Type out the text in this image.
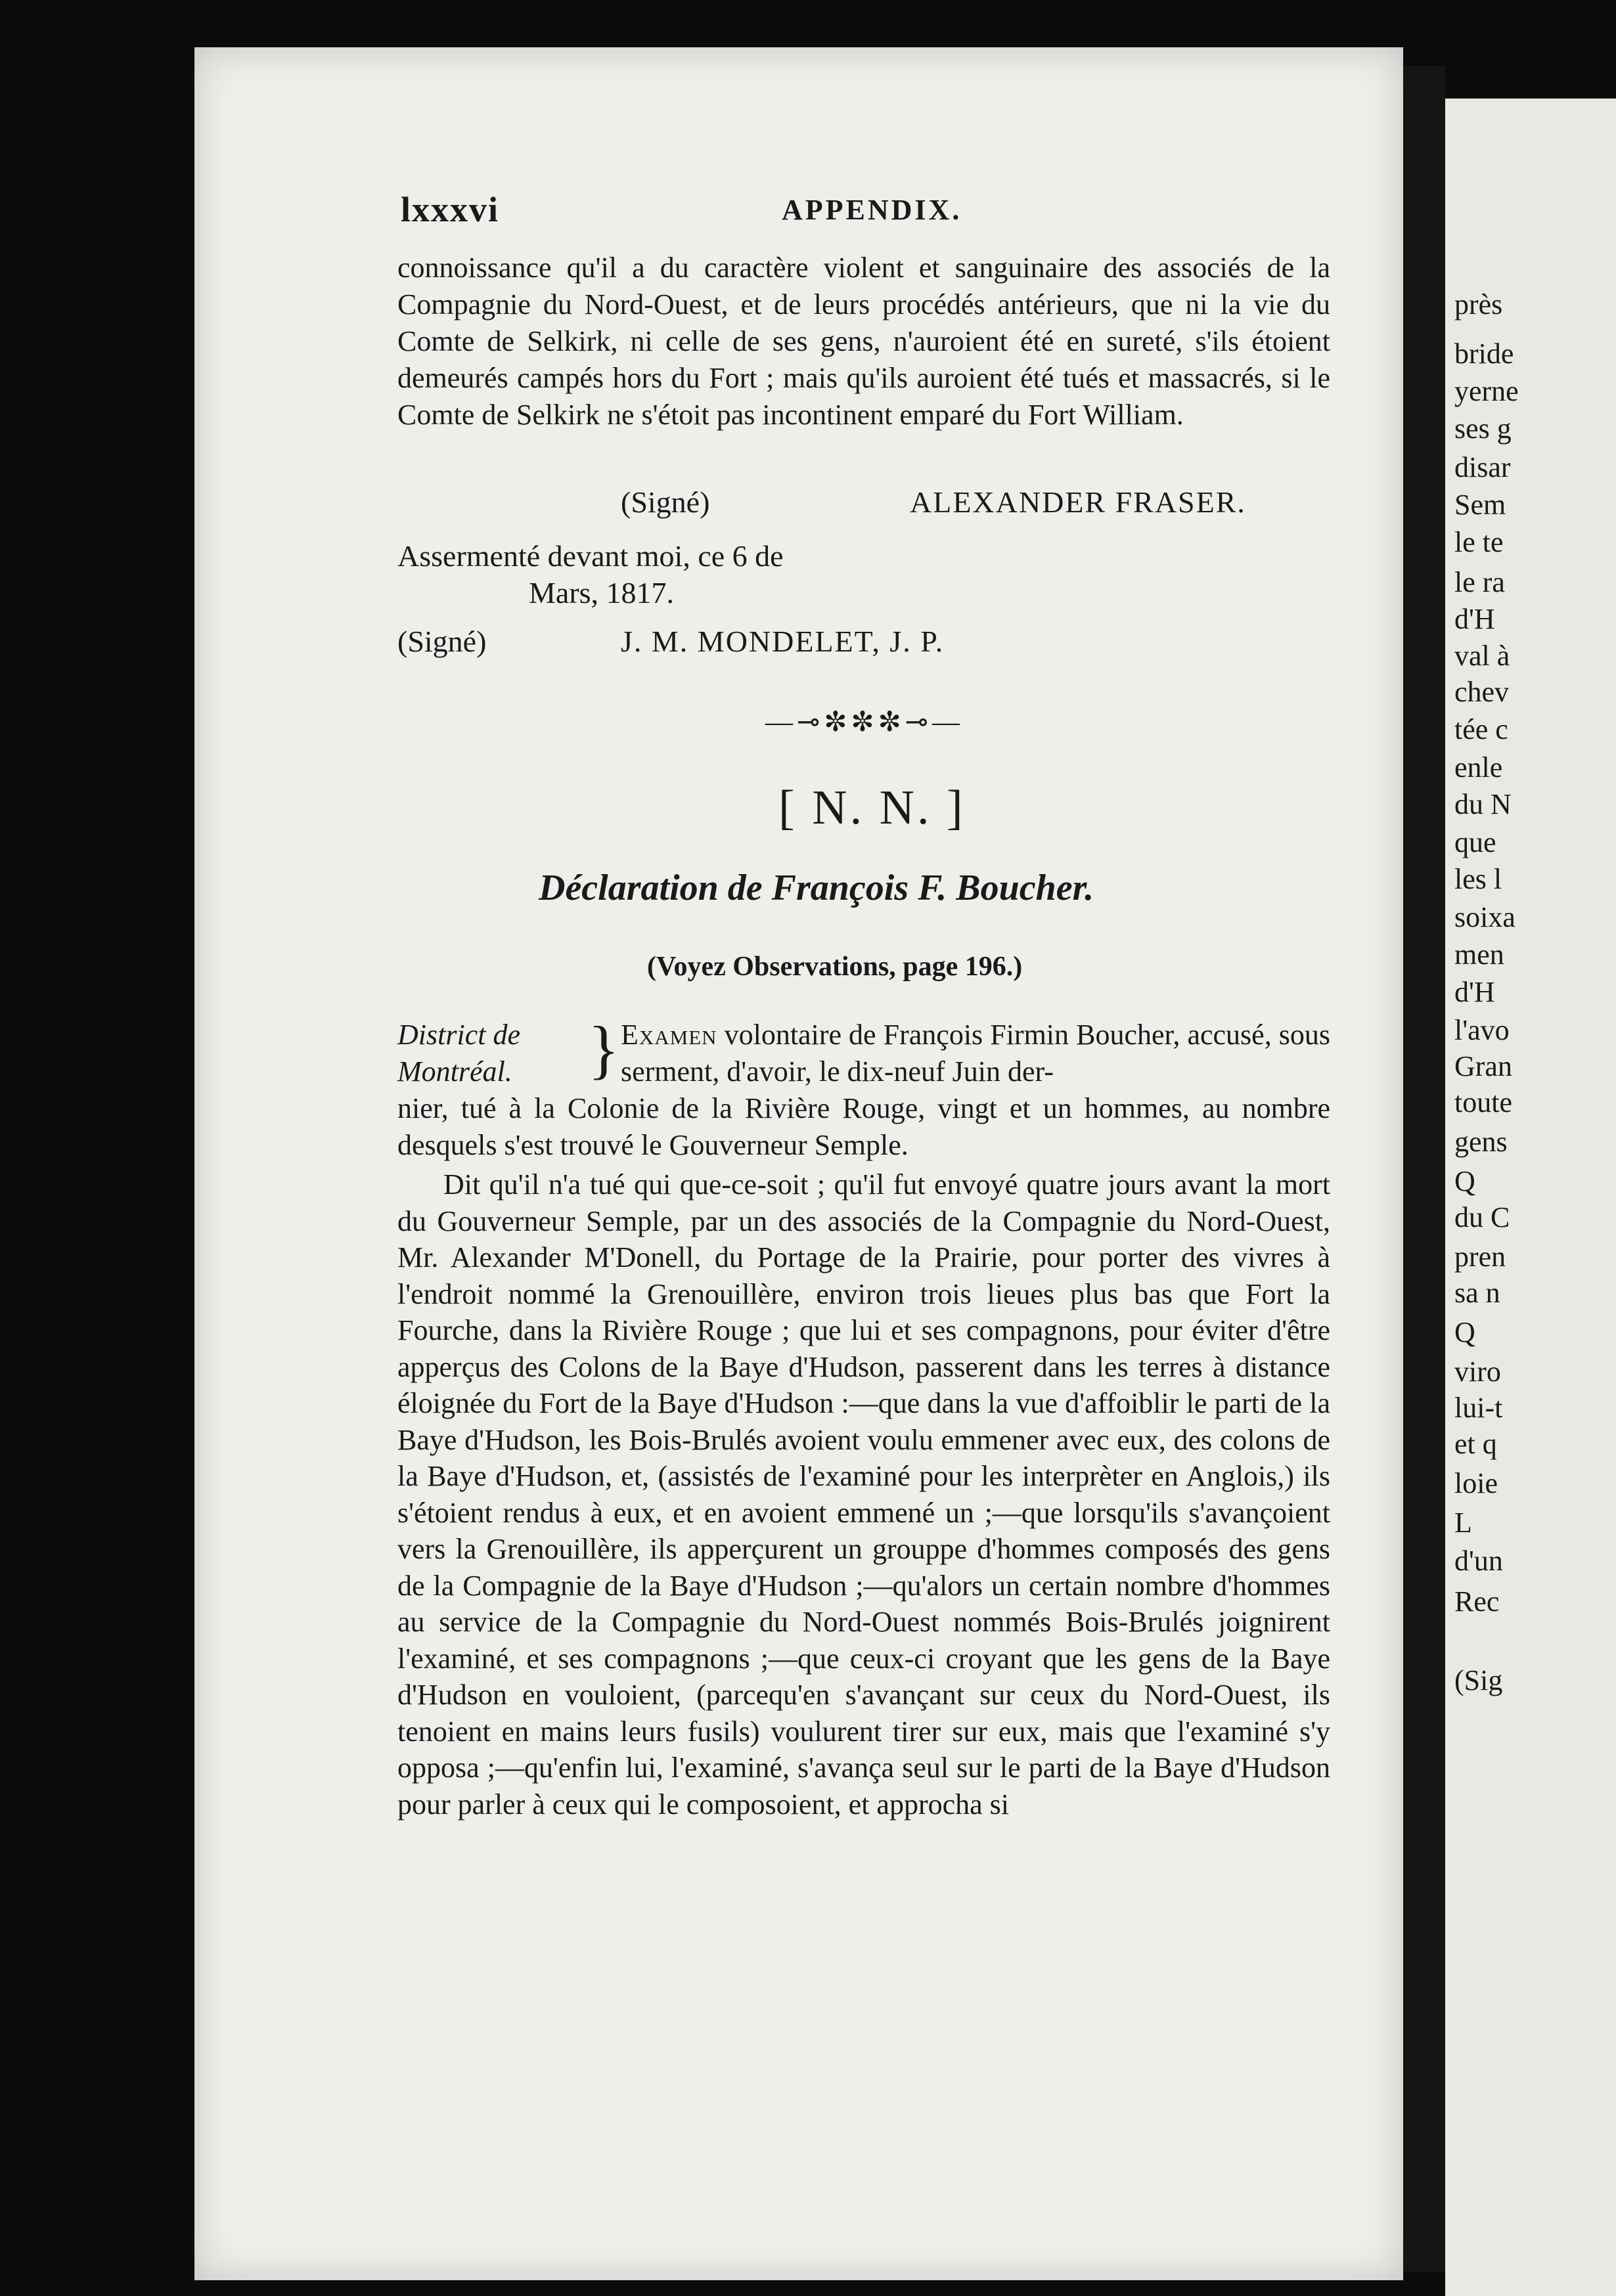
près
bride
yerne
ses g
disar
Sem
le te
le ra
d'H
val à
chev
tée c
enle
du N
que
les l
soixa
men
d'H
l'avo
Gran
toute
gens
Q
du C
pren
sa n
Q
viro
lui-t
et q
loie
L
d'un
Rec
(Sig
lxxxvi	APPENDIX.
connoissance qu'il a du caractère violent et sanguinaire des associés de la Compagnie du Nord-Ouest, et de leurs procédés antérieurs, que ni la vie du Comte de Selkirk, ni celle de ses gens, n'auroient été en sureté, s'ils étoient demeurés campés hors du Fort ; mais qu'ils auroient été tués et massacrés, si le Comte de Selkirk ne s'étoit pas incontinent emparé du Fort William.
(Signé)	ALEXANDER FRASER.
Assermenté devant moi, ce 6 de
Mars, 1817.
(Signé)	J. M. MONDELET, J. P.
—⊸✼✼✼⊸—
[ N. N. ]
Déclaration de François F. Boucher.
(Voyez Observations, page 196.)
District de
Montréal.	} Examen volontaire de François Firmin Boucher, accusé, sous serment, d'avoir, le dix-neuf Juin der-
nier, tué à la Colonie de la Rivière Rouge, vingt et un hommes, au nombre desquels s'est trouvé le Gouverneur Semple.
Dit qu'il n'a tué qui que-ce-soit ; qu'il fut envoyé quatre jours avant la mort du Gouverneur Semple, par un des associés de la Compagnie du Nord-Ouest, Mr. Alexander M'Donell, du Portage de la Prairie, pour porter des vivres à l'endroit nommé la Grenouillère, environ trois lieues plus bas que Fort la Fourche, dans la Rivière Rouge ; que lui et ses compagnons, pour éviter d'être apperçus des Colons de la Baye d'Hudson, passerent dans les terres à distance éloignée du Fort de la Baye d'Hudson :—que dans la vue d'affoiblir le parti de la Baye d'Hudson, les Bois-Brulés avoient voulu emmener avec eux, des colons de la Baye d'Hudson, et, (assistés de l'examiné pour les interprèter en Anglois,) ils s'étoient rendus à eux, et en avoient emmené un ;—que lorsqu'ils s'avançoient vers la Grenouillère, ils apperçurent un grouppe d'hommes composés des gens de la Compagnie de la Baye d'Hudson ;—qu'alors un certain nombre d'hommes au service de la Compagnie du Nord-Ouest nommés Bois-Brulés joignirent l'examiné, et ses compagnons ;—que ceux-ci croyant que les gens de la Baye d'Hudson en vouloient, (parcequ'en s'avançant sur ceux du Nord-Ouest, ils tenoient en mains leurs fusils) voulurent tirer sur eux, mais que l'examiné s'y opposa ;—qu'enfin lui, l'examiné, s'avança seul sur le parti de la Baye d'Hudson pour parler à ceux qui le composoient, et approcha si
